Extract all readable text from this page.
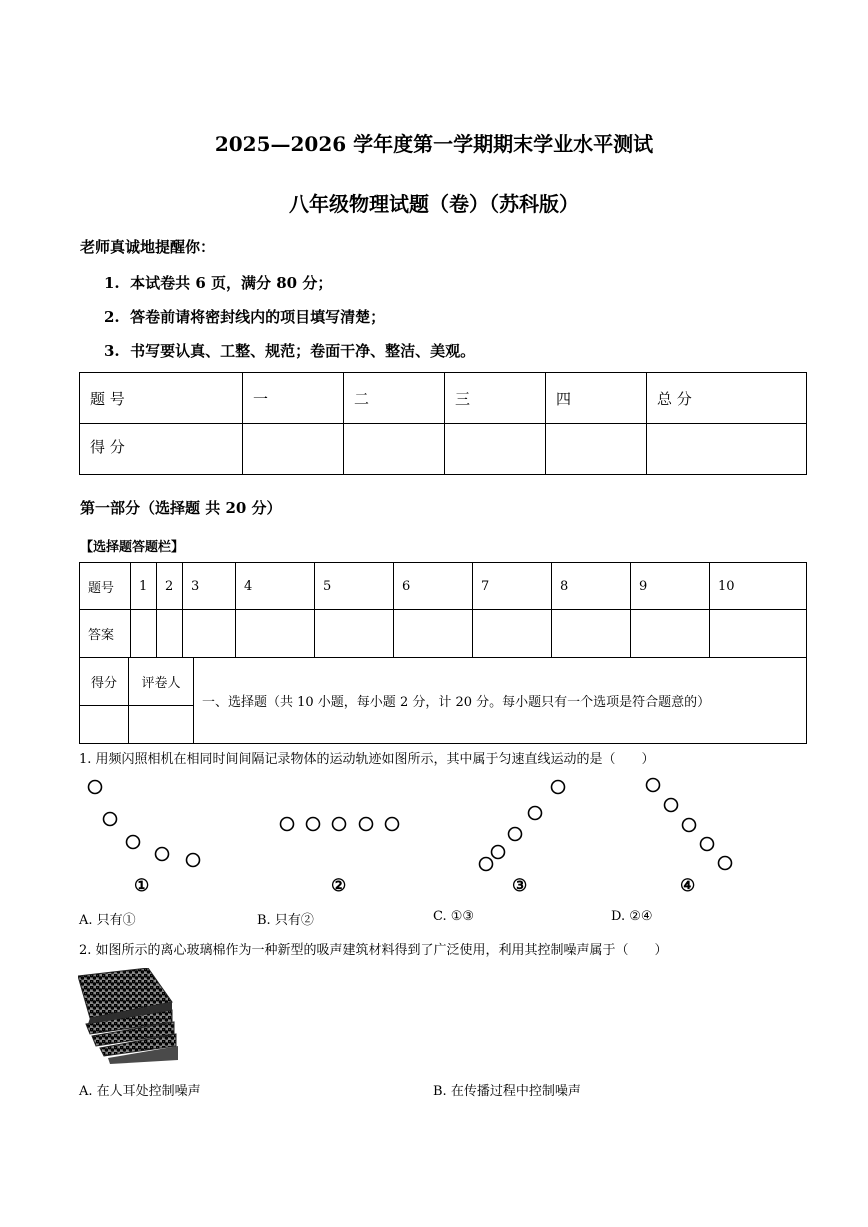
2025—2026 学年度第一学期期末学业水平测试
八年级物理试题（卷）（苏科版）
老师真诚地提醒你：
1. 本试卷共 6 页，满分 80 分；
2. 答卷前请将密封线内的项目填写清楚；
3. 书写要认真、工整、规范；卷面干净、整洁、美观。
题 号	一	二	三	四	总 分
得 分					
第一部分（选择题 共 20 分）
【选择题答题栏】
题号	1	2	3	4	5	6	7	8	9	10
答案										
得分	评卷人	一、选择题（共 10 小题，每小题 2 分，计 20 分。每小题只有一个选项是符合题意的）

1. 用频闪照相机在相同时间间隔记录物体的运动轨迹如图所示，其中属于匀速直线运动的是（　　）
①	②	③	④
A. 只有①	B. 只有②	C. ①③	D. ②④
2. 如图所示的离心玻璃棉作为一种新型的吸声建筑材料得到了广泛使用，利用其控制噪声属于（　　）
A. 在人耳处控制噪声	B. 在传播过程中控制噪声
